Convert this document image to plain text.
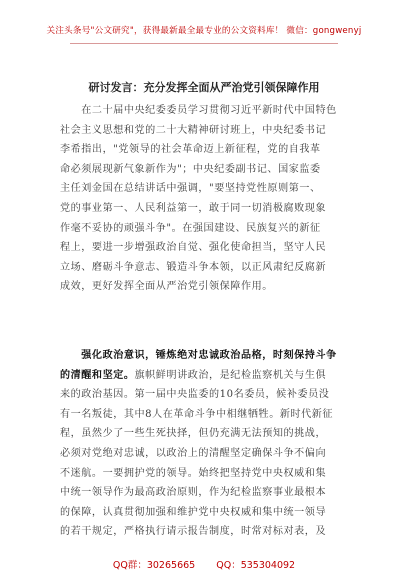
关注头条号"公文研究"，获得最新最全最专业的公文资料库！ 微信：gongwenyj
研讨发言：充分发挥全面从严治党引领保障作用
　　在二十届中央纪委委员学习贯彻习近平新时代中国特色
社会主义思想和党的二十大精神研讨班上，中央纪委书记
李希指出，"党领导的社会革命迈上新征程，党的自我革
命必须展现新气象新作为"；中央纪委副书记、国家监委
主任刘金国在总结讲话中强调，"要坚持党性原则第一、
党的事业第一、人民利益第一，敢于同一切消极腐败现象
作毫不妥协的顽强斗争"。在强国建设、民族复兴的新征
程上，要进一步增强政治自觉、强化使命担当，坚守人民
立场、磨砺斗争意志、锻造斗争本领，以正风肃纪反腐新
成效，更好发挥全面从严治党引领保障作用。
　　强化政治意识，锤炼绝对忠诚政治品格，时刻保持斗争
的清醒和坚定。旗帜鲜明讲政治，是纪检监察机关与生俱
来的政治基因。第一届中央监委的10名委员，候补委员没
有一名叛徒，其中8人在革命斗争中相继牺牲。新时代新征
程，虽然少了一些生死抉择，但仍充满无法预知的挑战，
必须对党绝对忠诚，以政治上的清醒坚定确保斗争不偏向
不迷航。一要拥护党的领导。始终把坚持党中央权威和集
中统一领导作为最高政治原则，作为纪检监察事业最根本
的保障，认真贯彻加强和维护党中央权威和集中统一领导
的若干规定，严格执行请示报告制度，时常对标对表，及
QQ群：30265665 QQ：535304092
